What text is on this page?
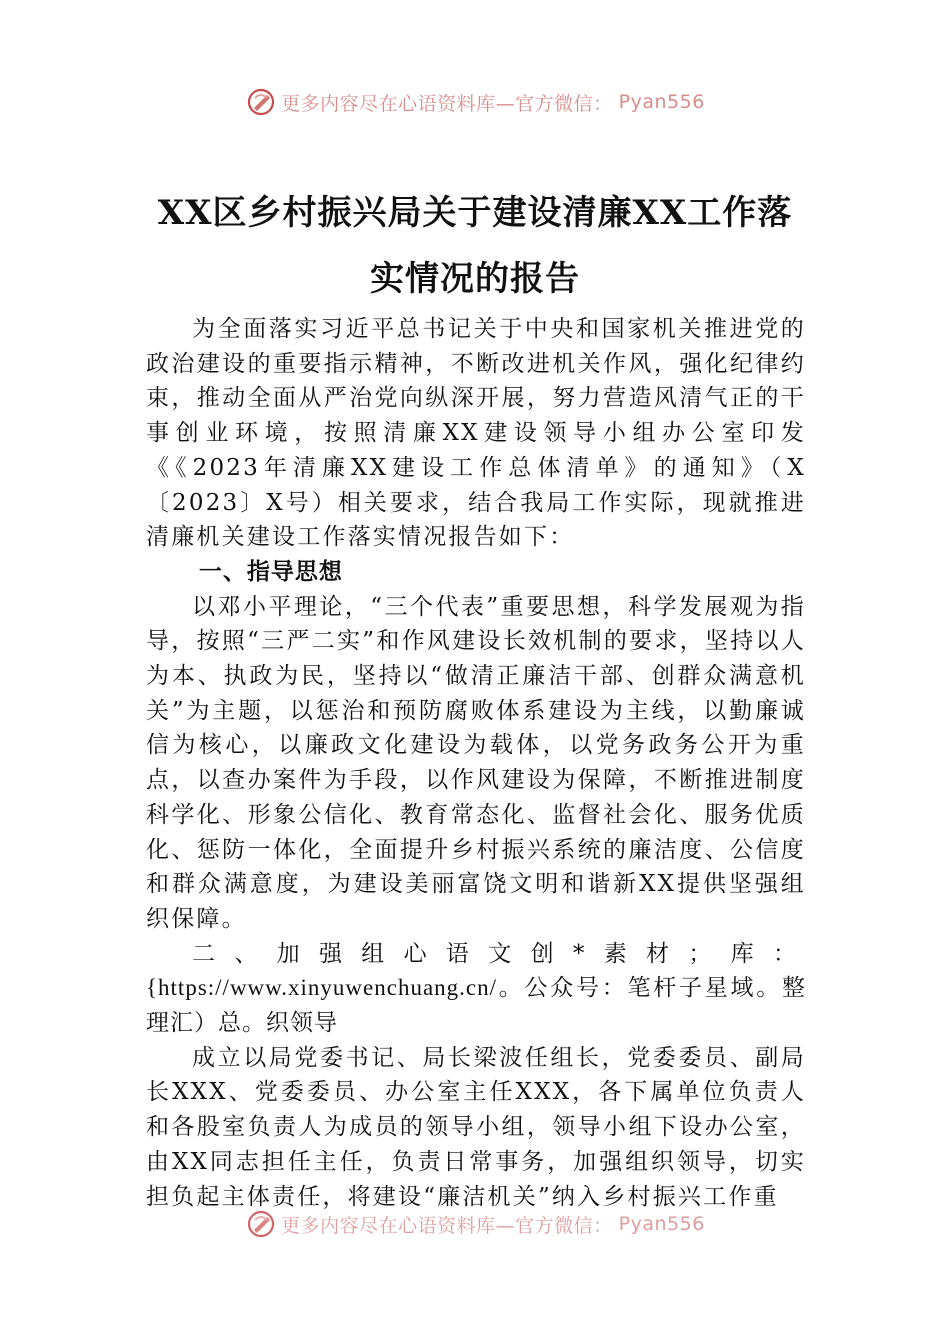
更多内容尽在心语资料库—官方微信： Pyan556
XX区乡村振兴局关于建设清廉XX工作落
实情况的报告

为全面落实习近平总书记关于中央和国家机关推进党的政治建设的重要指示精神，不断改进机关作风，强化纪律约束，推动全面从严治党向纵深开展，努力营造风清气正的干事创业环境，按照清廉XX建设领导小组办公室印发《《2023年清廉XX建设工作总体清单》的通知》（X〔2023〕X号）相关要求，结合我局工作实际，现就推进清廉机关建设工作落实情况报告如下：

一、指导思想

以邓小平理论，“三个代表”重要思想，科学发展观为指导，按照“三严二实”和作风建设长效机制的要求，坚持以人为本、执政为民，坚持以“做清正廉洁干部、创群众满意机关”为主题，以惩治和预防腐败体系建设为主线，以勤廉诚信为核心，以廉政文化建设为载体，以党务政务公开为重点，以查办案件为手段，以作风建设为保障，不断推进制度科学化、形象公信化、教育常态化、监督社会化、服务优质化、惩防一体化，全面提升乡村振兴系统的廉洁度、公信度和群众满意度，为建设美丽富饶文明和谐新XX提供坚强组织保障。

二、加强组心语文创*素材；库：{https://www.xinyuwenchuang.cn/。公众号：笔杆子星域。整理汇）总。织领导

成立以局党委书记、局长梁波任组长，党委委员、副局长XXX、党委委员、办公室主任XXX，各下属单位负责人和各股室负责人为成员的领导小组，领导小组下设办公室，由XX同志担任主任，负责日常事务，加强组织领导，切实担负起主体责任，将建设“廉洁机关”纳入乡村振兴工作重

更多内容尽在心语资料库—官方微信： Pyan556
